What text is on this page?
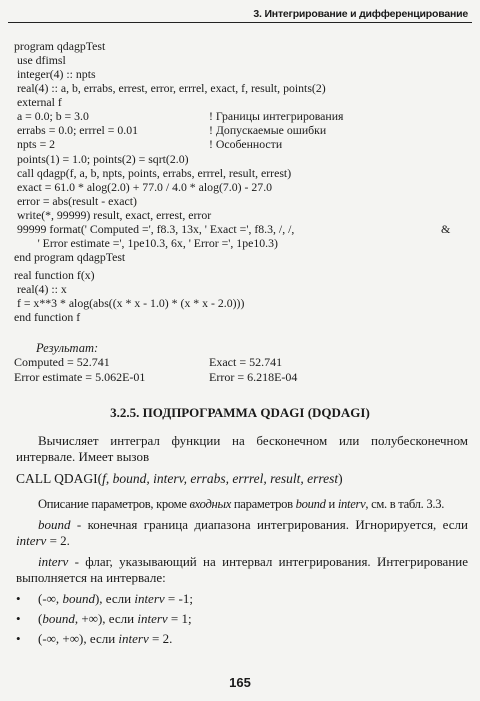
3. Интегрирование и дифференцирование
program qdagpTest
use dfimsl
integer(4) :: npts
real(4) :: a, b, errabs, errest, error, errrel, exact, f, result, points(2)
external f
a = 0.0; b = 3.0	! Границы интегрирования
errabs = 0.0; errrel = 0.01	! Допускаемые ошибки
npts = 2	! Особенности
points(1) = 1.0; points(2) = sqrt(2.0)
call qdagp(f, a, b, npts, points, errabs, errrel, result, errest)
exact = 61.0 * alog(2.0) + 77.0 / 4.0 * alog(7.0) - 27.0
error = abs(result - exact)
write(*, 99999) result, exact, errest, error
99999 format(' Computed =', f8.3, 13x, ' Exact =', f8.3, /, /,	&
' Error estimate =', 1pe10.3, 6x, ' Error =', 1pe10.3)
end program qdagpTest
real function f(x)
real(4) :: x
f = x**3 * alog(abs((x * x - 1.0) * (x * x - 2.0)))
end function f
Результат:
Computed = 52.741	Exact = 52.741
Error estimate = 5.062E-01	Error = 6.218E-04
3.2.5. ПОДПРОГРАММА QDAGI (DQDAGI)
Вычисляет интеграл функции на бесконечном или полубесконечном интервале. Имеет вызов
CALL QDAGI(f, bound, interv, errabs, errrel, result, errest)
Описание параметров, кроме входных параметров bound и interv, см. в табл. 3.3.
bound - конечная граница диапазона интегрирования. Игнорируется, если interv = 2.
interv - флаг, указывающий на интервал интегрирования. Интегрирование выполняется на интервале:

•

(-∞, bound), если interv = -1;

•

(bound, +∞), если interv = 1;

•

(-∞, +∞), если interv = 2.

165
